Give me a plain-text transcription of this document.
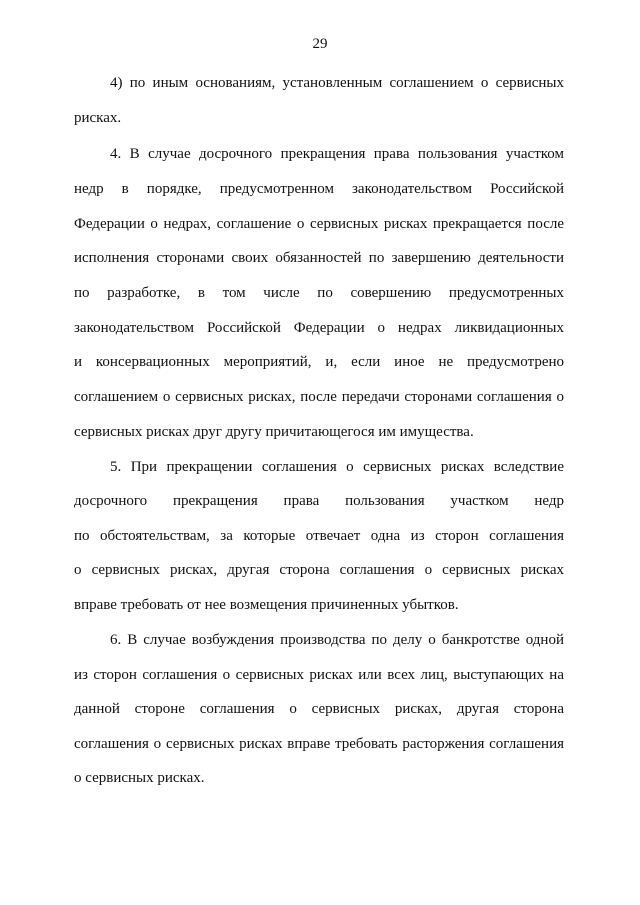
29
4) по иным основаниям, установленным соглашением о сервисных
рисках.
4. В случае досрочного прекращения права пользования участком
недр в порядке, предусмотренном законодательством Российской
Федерации о недрах, соглашение о сервисных рисках прекращается после
исполнения сторонами своих обязанностей по завершению деятельности
по разработке, в том числе по совершению предусмотренных
законодательством Российской Федерации о недрах ликвидационных
и консервационных мероприятий, и, если иное не предусмотрено
соглашением о сервисных рисках, после передачи сторонами соглашения о
сервисных рисках друг другу причитающегося им имущества.
5. При прекращении соглашения о сервисных рисках вследствие
досрочного прекращения права пользования участком недр
по обстоятельствам, за которые отвечает одна из сторон соглашения
о сервисных рисках, другая сторона соглашения о сервисных рисках
вправе требовать от нее возмещения причиненных убытков.
6. В случае возбуждения производства по делу о банкротстве одной
из сторон соглашения о сервисных рисках или всех лиц, выступающих на
данной стороне соглашения о сервисных рисках, другая сторона
соглашения о сервисных рисках вправе требовать расторжения соглашения
о сервисных рисках.
